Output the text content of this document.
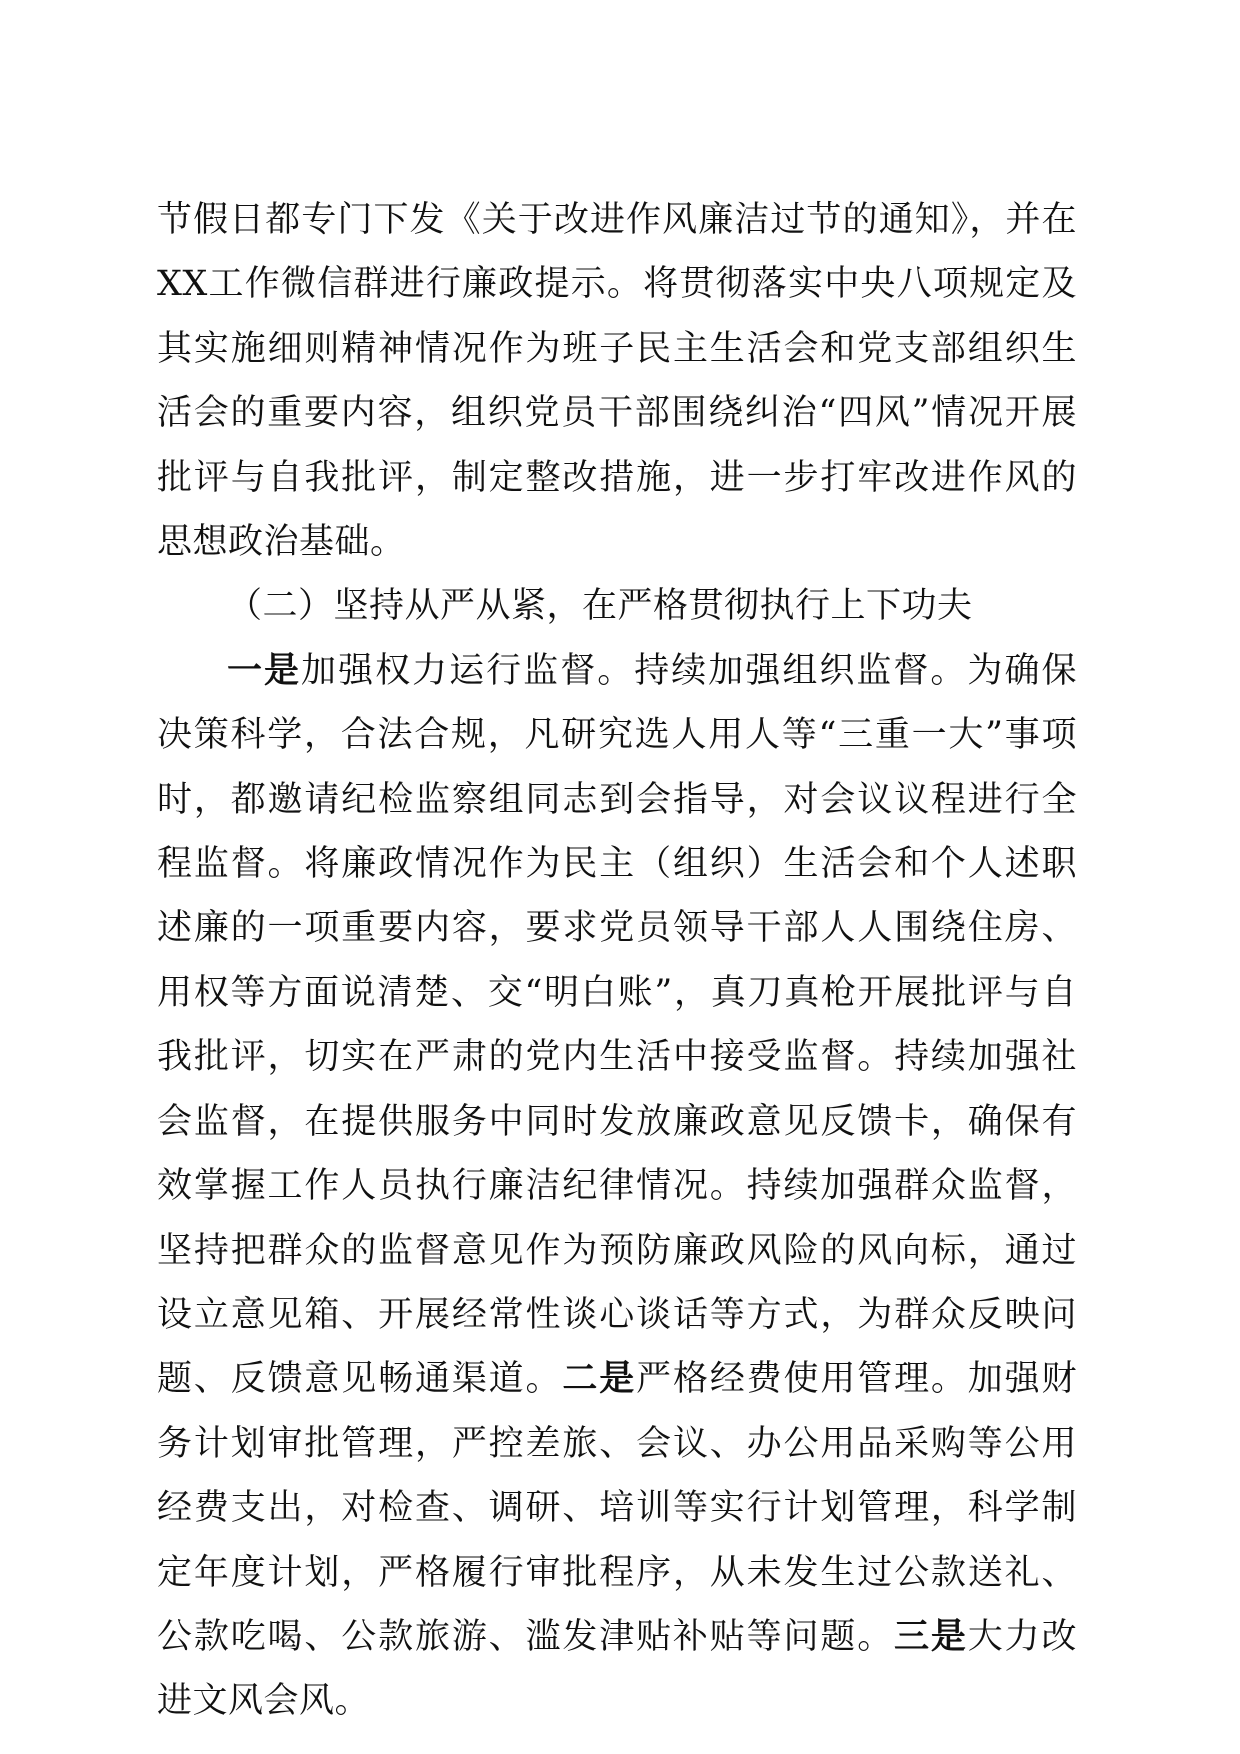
节假日都专门下发《关于改进作风廉洁过节的通知》，并在XX工作微信群进行廉政提示。将贯彻落实中央八项规定及其实施细则精神情况作为班子民主生活会和党支部组织生活会的重要内容，组织党员干部围绕纠治“四风”情况开展批评与自我批评，制定整改措施，进一步打牢改进作风的思想政治基础。

（二）坚持从严从紧，在严格贯彻执行上下功夫

一是加强权力运行监督。持续加强组织监督。为确保决策科学，合法合规，凡研究选人用人等“三重一大”事项时，都邀请纪检监察组同志到会指导，对会议议程进行全程监督。将廉政情况作为民主（组织）生活会和个人述职述廉的一项重要内容，要求党员领导干部人人围绕住房、用权等方面说清楚、交“明白账”，真刀真枪开展批评与自我批评，切实在严肃的党内生活中接受监督。持续加强社会监督，在提供服务中同时发放廉政意见反馈卡，确保有效掌握工作人员执行廉洁纪律情况。持续加强群众监督，坚持把群众的监督意见作为预防廉政风险的风向标，通过设立意见箱、开展经常性谈心谈话等方式，为群众反映问题、反馈意见畅通渠道。二是严格经费使用管理。加强财务计划审批管理，严控差旅、会议、办公用品采购等公用经费支出，对检查、调研、培训等实行计划管理，科学制定年度计划，严格履行审批程序，从未发生过公款送礼、公款吃喝、公款旅游、滥发津贴补贴等问题。三是大力改进文风会风。
